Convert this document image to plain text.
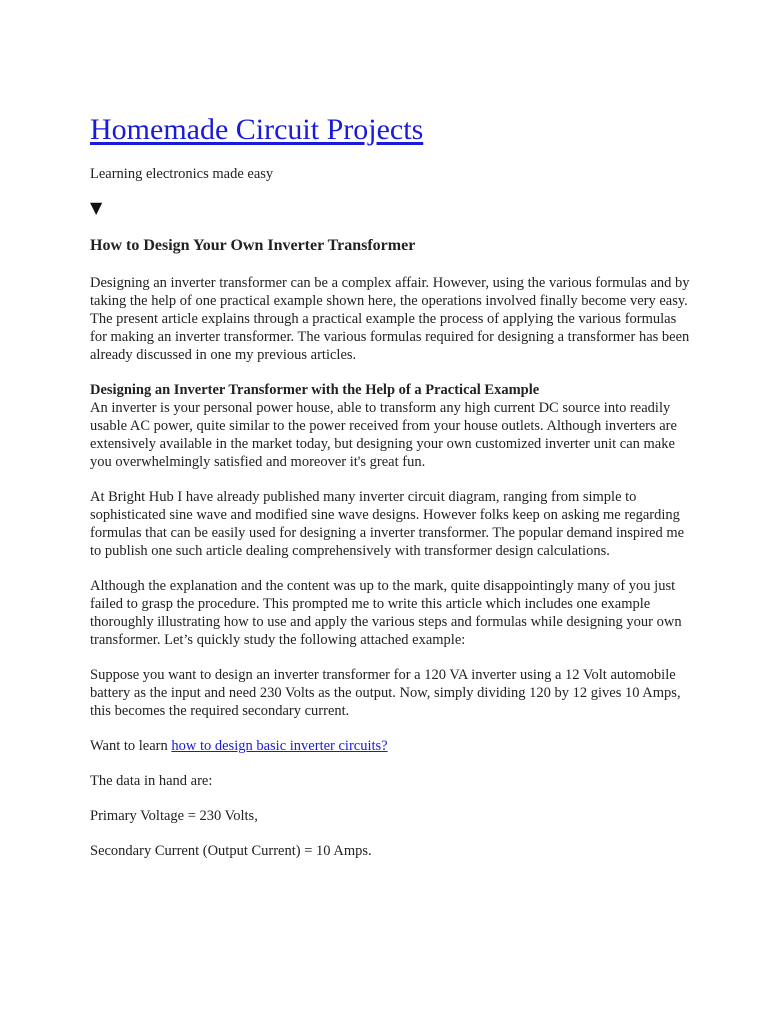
Homemade Circuit Projects

Learning electronics made easy

▼
How to Design Your Own Inverter Transformer

Designing an inverter transformer can be a complex affair. However, using the various formulas and by taking the help of one practical example shown here, the operations involved finally become very easy.
The present article explains through a practical example the process of applying the various formulas for making an inverter transformer. The various formulas required for designing a transformer has been already discussed in one my previous articles.

Designing an Inverter Transformer with the Help of a Practical Example
An inverter is your personal power house, able to transform any high current DC source into readily usable AC power, quite similar to the power received from your house outlets. Although inverters are extensively available in the market today, but designing your own customized inverter unit can make you overwhelmingly satisfied and moreover it's great fun.

At Bright Hub I have already published many inverter circuit diagram, ranging from simple to sophisticated sine wave and modified sine wave designs. However folks keep on asking me regarding formulas that can be easily used for designing a inverter transformer. The popular demand inspired me to publish one such article dealing comprehensively with transformer design calculations.

Although the explanation and the content was up to the mark, quite disappointingly many of you just failed to grasp the procedure. This prompted me to write this article which includes one example thoroughly illustrating how to use and apply the various steps and formulas while designing your own transformer. Let’s quickly study the following attached example:

Suppose you want to design an inverter transformer for a 120 VA inverter using a 12 Volt automobile battery as the input and need 230 Volts as the output. Now, simply dividing 120 by 12 gives 10 Amps, this becomes the required secondary current.

Want to learn how to design basic inverter circuits?

The data in hand are:

Primary Voltage = 230 Volts,

Secondary Current (Output Current) = 10 Amps.
